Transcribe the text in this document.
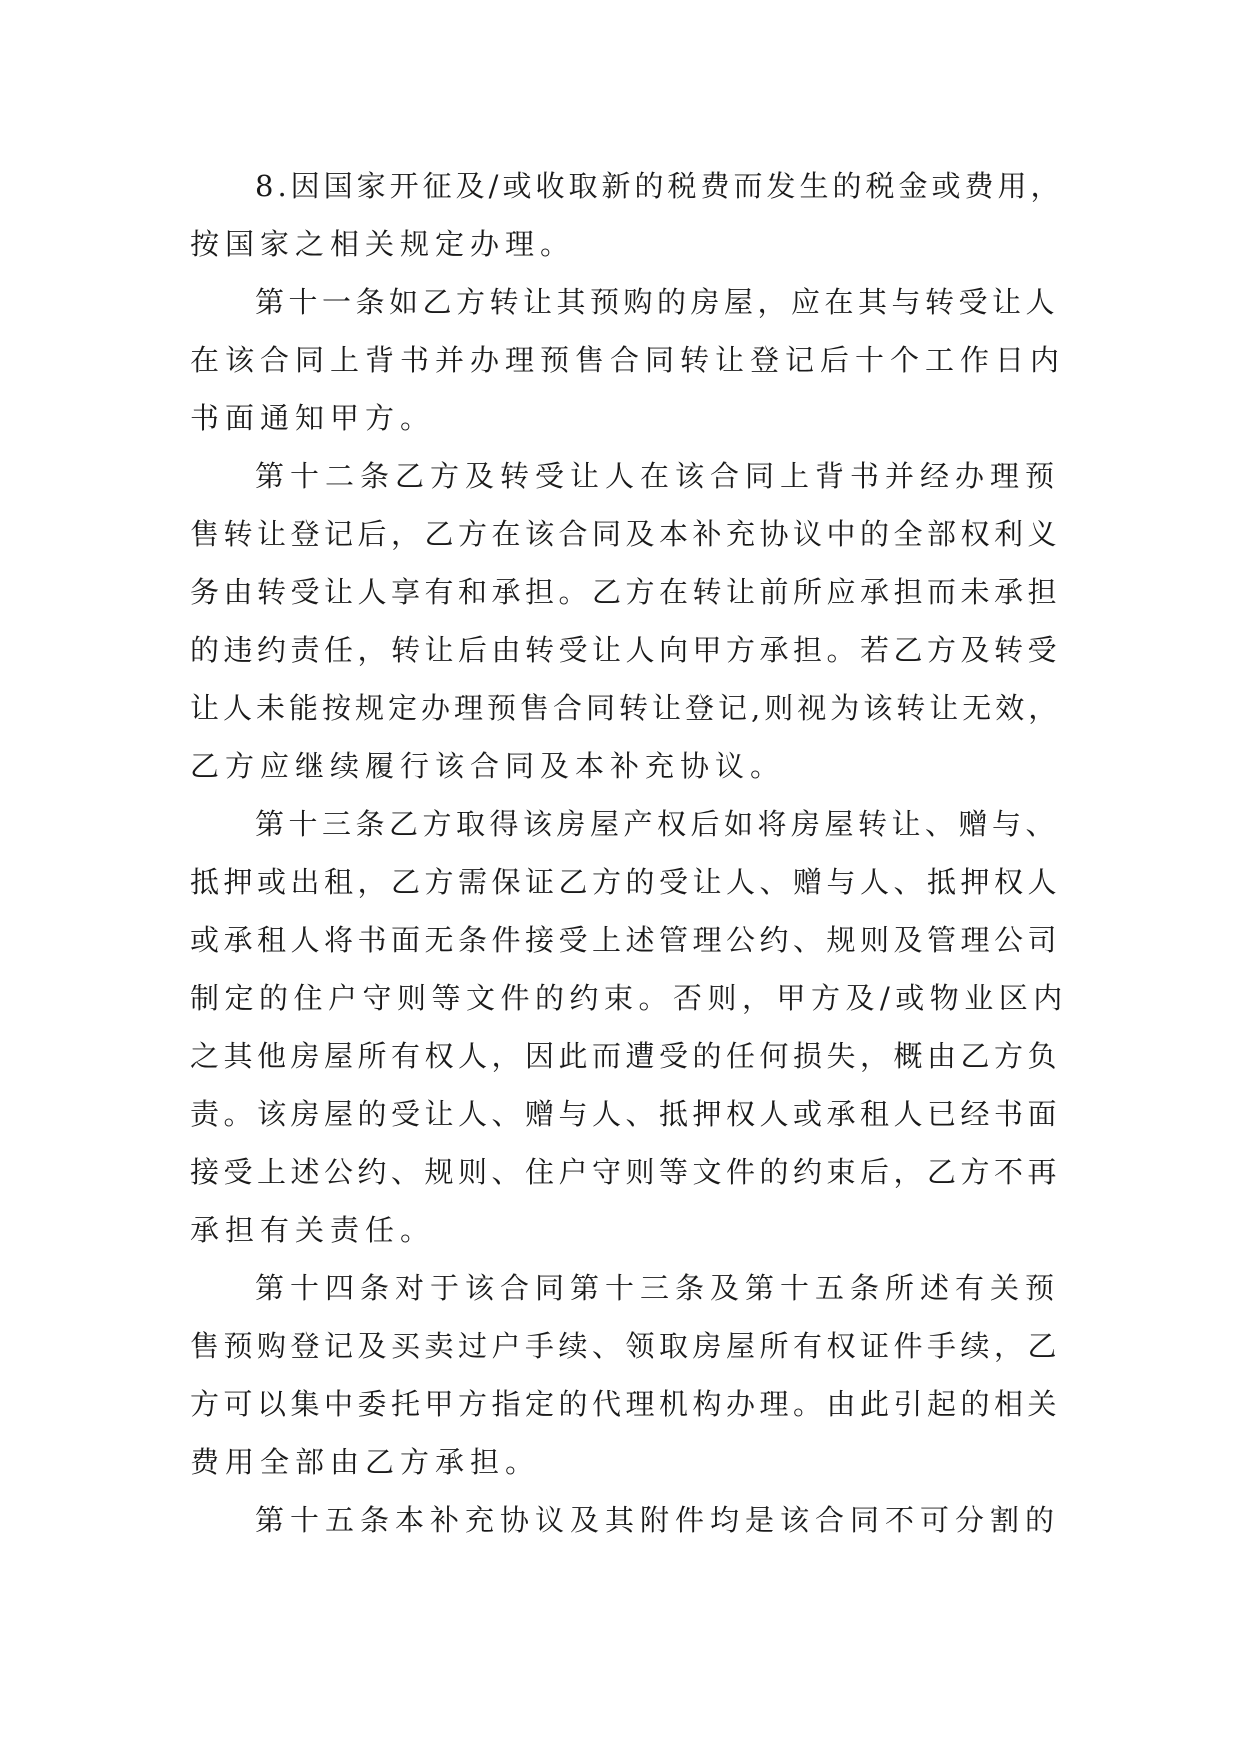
8.因国家开征及/或收取新的税费而发生的税金或费用，
按国家之相关规定办理。
第十一条如乙方转让其预购的房屋，应在其与转受让人
在该合同上背书并办理预售合同转让登记后十个工作日内
书面通知甲方。
第十二条乙方及转受让人在该合同上背书并经办理预
售转让登记后，乙方在该合同及本补充协议中的全部权利义
务由转受让人享有和承担。乙方在转让前所应承担而未承担
的违约责任，转让后由转受让人向甲方承担。若乙方及转受
让人未能按规定办理预售合同转让登记,则视为该转让无效，
乙方应继续履行该合同及本补充协议。
第十三条乙方取得该房屋产权后如将房屋转让、赠与、
抵押或出租，乙方需保证乙方的受让人、赠与人、抵押权人
或承租人将书面无条件接受上述管理公约、规则及管理公司
制定的住户守则等文件的约束。否则，甲方及/或物业区内
之其他房屋所有权人，因此而遭受的任何损失，概由乙方负
责。该房屋的受让人、赠与人、抵押权人或承租人已经书面
接受上述公约、规则、住户守则等文件的约束后，乙方不再
承担有关责任。
第十四条对于该合同第十三条及第十五条所述有关预
售预购登记及买卖过户手续、领取房屋所有权证件手续，乙
方可以集中委托甲方指定的代理机构办理。由此引起的相关
费用全部由乙方承担。
第十五条本补充协议及其附件均是该合同不可分割的
